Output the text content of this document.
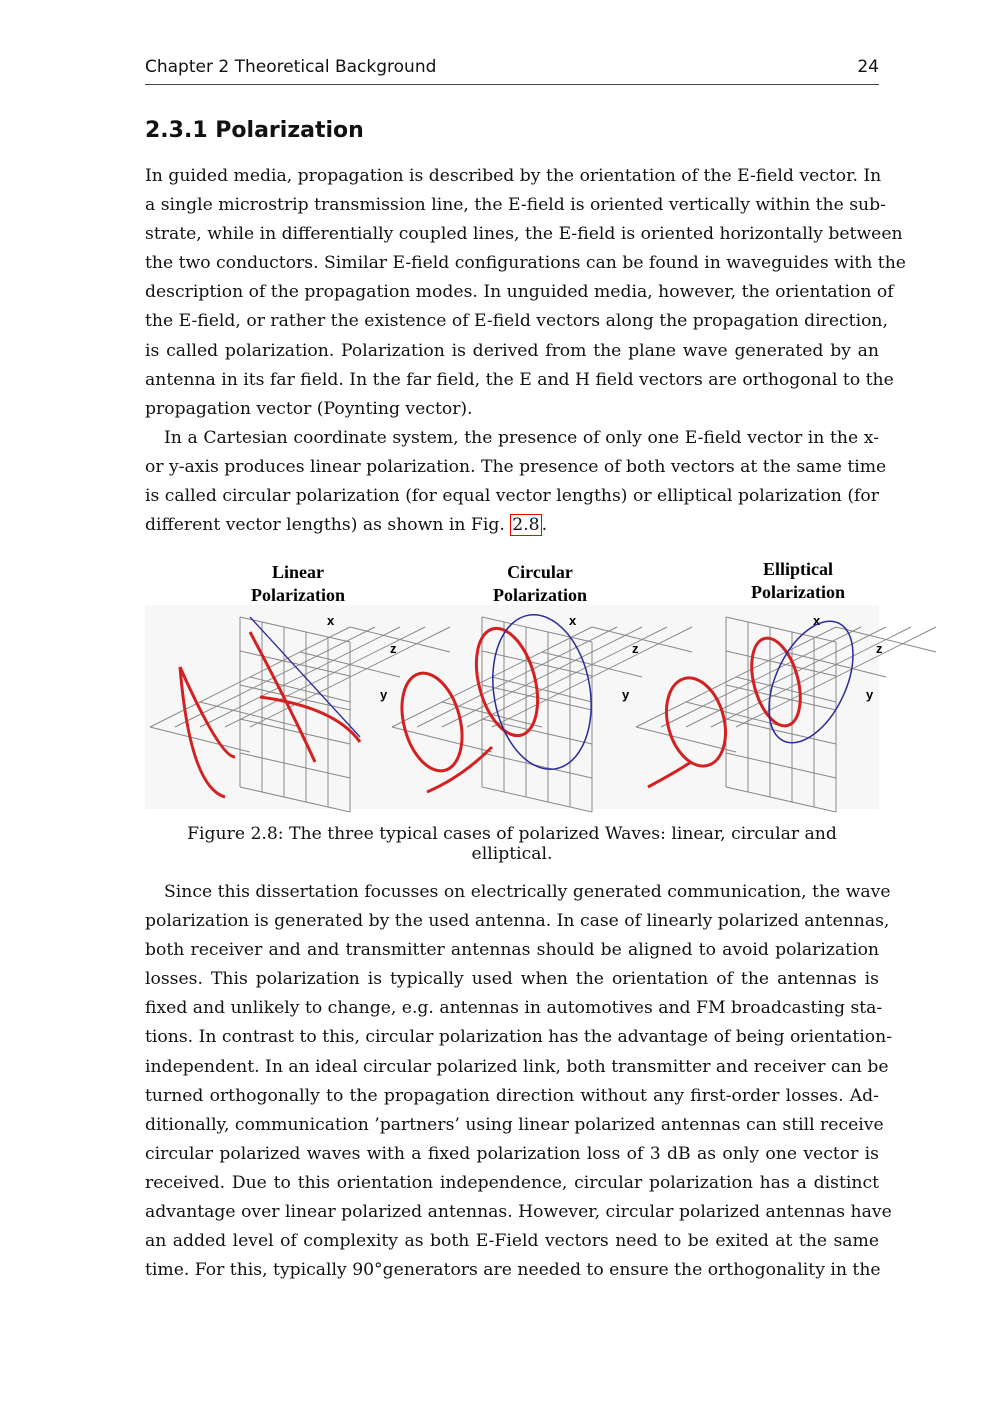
Chapter 2 Theoretical Background	24
2.3.1 Polarization
In guided media, propagation is described by the orientation of the E-field vector. In
a single microstrip transmission line, the E-field is oriented vertically within the sub-
strate, while in differentially coupled lines, the E-field is oriented horizontally between
the two conductors. Similar E-field configurations can be found in waveguides with the
description of the propagation modes. In unguided media, however, the orientation of
the E-field, or rather the existence of E-field vectors along the propagation direction,
is called polarization. Polarization is derived from the plane wave generated by an
antenna in its far field. In the far field, the E and H field vectors are orthogonal to the
propagation vector (Poynting vector).
In a Cartesian coordinate system, the presence of only one E-field vector in the x-
or y-axis produces linear polarization. The presence of both vectors at the same time
is called circular polarization (for equal vector lengths) or elliptical polarization (for
different vector lengths) as shown in Fig. 2.8 .
Linear
Polarization
x
z
y
Circular
Polarization
x
z
y
Elliptical
Polarization
x
z
y
Figure 2.8: The three typical cases of polarized Waves: linear, circular and elliptical.
Since this dissertation focusses on electrically generated communication, the wave
polarization is generated by the used antenna. In case of linearly polarized antennas,
both receiver and and transmitter antennas should be aligned to avoid polarization
losses. This polarization is typically used when the orientation of the antennas is
fixed and unlikely to change, e.g. antennas in automotives and FM broadcasting sta-
tions. In contrast to this, circular polarization has the advantage of being orientation-
independent. In an ideal circular polarized link, both transmitter and receiver can be
turned orthogonally to the propagation direction without any first-order losses. Ad-
ditionally, communication ’partners’ using linear polarized antennas can still receive
circular polarized waves with a fixed polarization loss of 3 dB as only one vector is
received. Due to this orientation independence, circular polarization has a distinct
advantage over linear polarized antennas. However, circular polarized antennas have
an added level of complexity as both E-Field vectors need to be exited at the same
time. For this, typically 90°generators are needed to ensure the orthogonality in the
